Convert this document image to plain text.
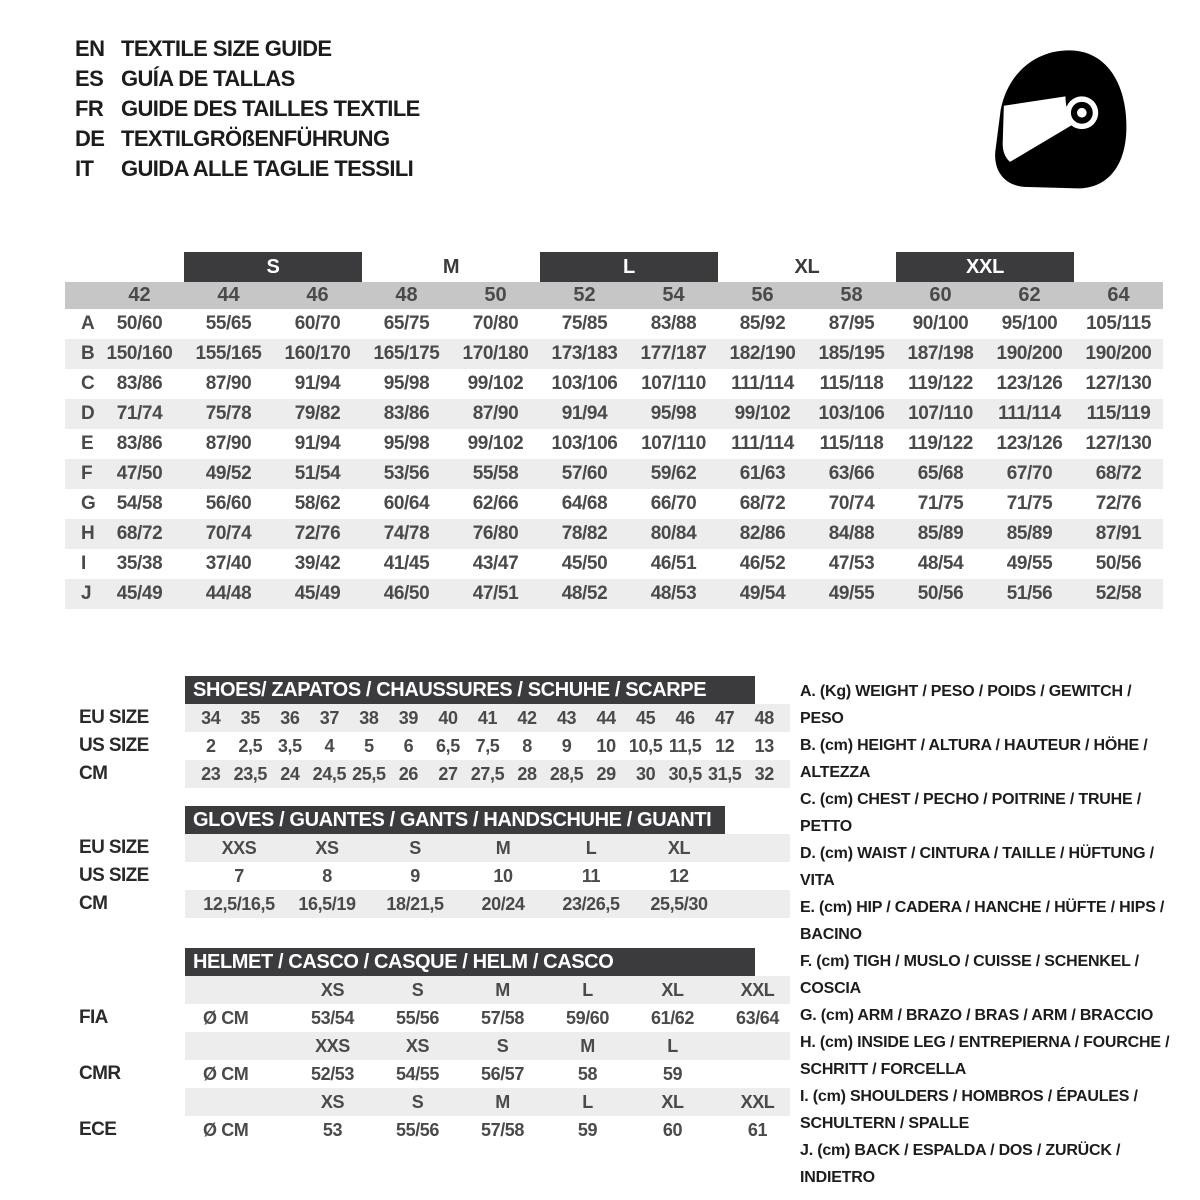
EN TEXTILE SIZE GUIDE
ES GUÍA DE TALLAS
FR GUIDE DES TAILLES TEXTILE
DE TEXTILGRÖßENFÜHRUNG
IT	GUIDA ALLE TAGLIE TESSILI
S	M	L	XL	XXL
42	44	46	48	50	52	54	56	58	60	62	64
A	50/60	55/65	60/70	65/75	70/80	75/85	83/88	85/92	87/95	90/100	95/100	105/115
B 150/160	155/165	160/170	165/175	170/180	173/183	177/187	182/190	185/195	187/198	190/200	190/200
C	83/86	87/90	91/94	95/98	99/102	103/106	107/110	111/114	115/118	119/122	123/126	127/130
D	71/74	75/78	79/82	83/86	87/90	91/94	95/98	99/102	103/106	107/110	111/114	115/119
E	83/86	87/90	91/94	95/98	99/102	103/106	107/110	111/114	115/118	119/122	123/126	127/130
F	47/50	49/52	51/54	53/56	55/58	57/60	59/62	61/63	63/66	65/68	67/70	68/72
G	54/58	56/60	58/62	60/64	62/66	64/68	66/70	68/72	70/74	71/75	71/75	72/76
H	68/72	70/74	72/76	74/78	76/80	78/82	80/84	82/86	84/88	85/89	85/89	87/91
I	35/38	37/40	39/42	41/45	43/47	45/50	46/51	46/52	47/53	48/54	49/55	50/56
J	45/49	44/48	45/49	46/50	47/51	48/52	48/53	49/54	49/55	50/56	51/56	52/58
SHOES/ ZAPATOS / CHAUSSURES / SCHUHE / SCARPE
EU SIZE	34	35	36	37	38	39	40	41	42	43	44	45	46	47	48
US SIZE	2	2,5 3,5	4	5	6	6,5 7,5	8	9	10 10,5 11,5 12	13
CM	23 23,5 24 24,5 25,5 26	27 27,5 28 28,5 29	30 30,5 31,5 32
GLOVES / GUANTES / GANTS / HANDSCHUHE / GUANTI
EU SIZE	XXS	XS	S	M	L	XL
US SIZE	7	8	9	10	11	12
CM	12,5/16,5	16,5/19	18/21,5	20/24	23/26,5	25,5/30
HELMET / CASCO / CASQUE / HELM / CASCO
XS	S	M	L	XL	XXL
FIA	Ø CM	53/54	55/56	57/58	59/60	61/62	63/64
XXS	XS	S	M	L
CMR	Ø CM	52/53	54/55	56/57	58	59
XS	S	M	L	XL	XXL
ECE	Ø CM	53	55/56	57/58	59	60	61
A. (Kg) WEIGHT / PESO / POIDS / GEWITCH / PESO
B. (cm) HEIGHT / ALTURA / HAUTEUR / HÖHE / ALTEZZA
C. (cm) CHEST / PECHO / POITRINE / TRUHE / PETTO
D. (cm) WAIST / CINTURA / TAILLE / HÜFTUNG / VITA
E. (cm) HIP / CADERA / HANCHE / HÜFTE / HIPS / BACINO
F. (cm) TIGH / MUSLO / CUISSE / SCHENKEL / COSCIA
G. (cm) ARM / BRAZO / BRAS / ARM / BRACCIO
H. (cm) INSIDE LEG / ENTREPIERNA / FOURCHE / SCHRITT / FORCELLA
I. (cm) SHOULDERS / HOMBROS / ÉPAULES / SCHULTERN / SPALLE
J. (cm) BACK / ESPALDA / DOS / ZURÜCK / INDIETRO
